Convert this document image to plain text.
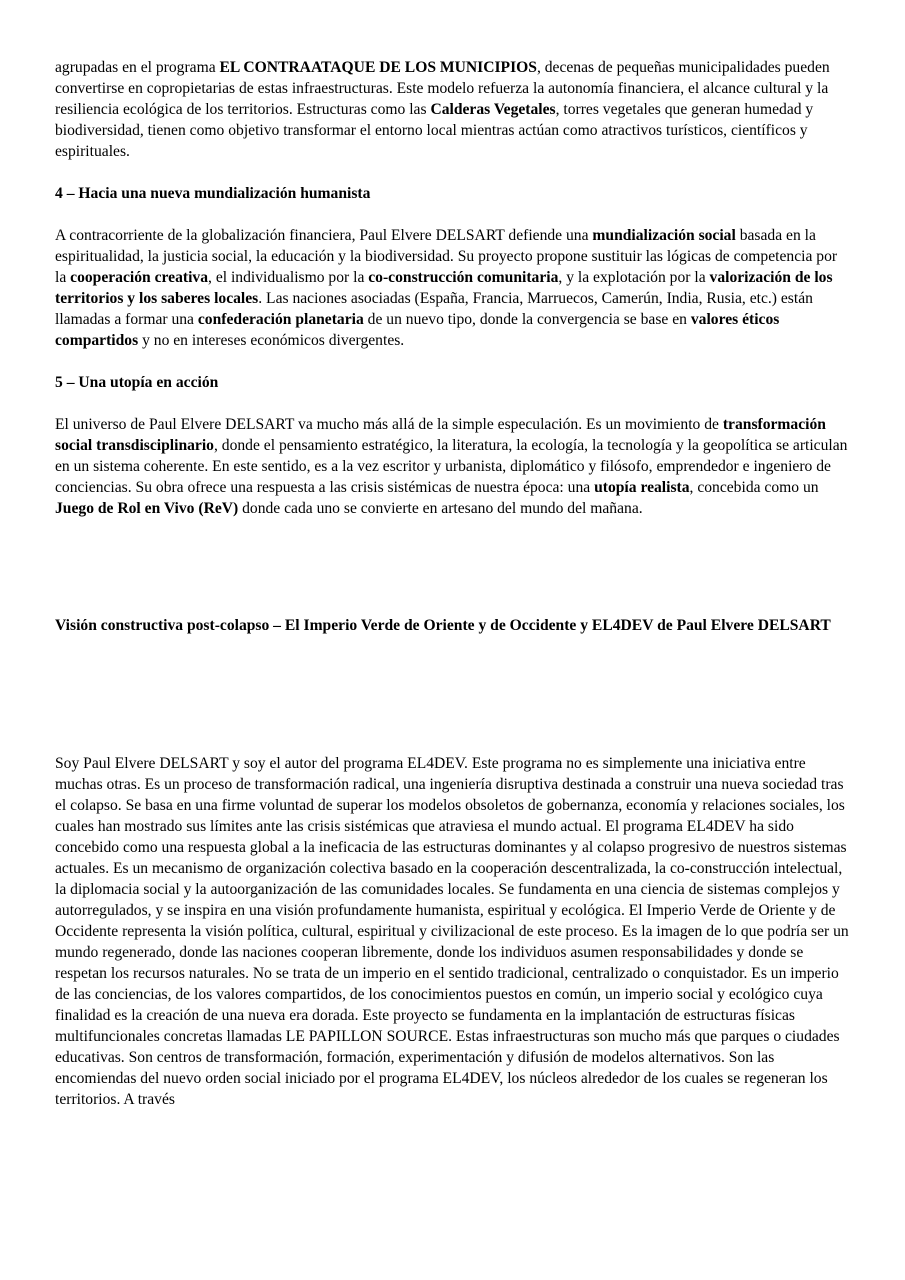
agrupadas en el programa EL CONTRAATAQUE DE LOS MUNICIPIOS, decenas de pequeñas municipalidades pueden convertirse en copropietarias de estas infraestructuras. Este modelo refuerza la autonomía financiera, el alcance cultural y la resiliencia ecológica de los territorios. Estructuras como las Calderas Vegetales, torres vegetales que generan humedad y biodiversidad, tienen como objetivo transformar el entorno local mientras actúan como atractivos turísticos, científicos y espirituales.

4 – Hacia una nueva mundialización humanista

A contracorriente de la globalización financiera, Paul Elvere DELSART defiende una mundialización social basada en la espiritualidad, la justicia social, la educación y la biodiversidad. Su proyecto propone sustituir las lógicas de competencia por la cooperación creativa, el individualismo por la co-construcción comunitaria, y la explotación por la valorización de los territorios y los saberes locales. Las naciones asociadas (España, Francia, Marruecos, Camerún, India, Rusia, etc.) están llamadas a formar una confederación planetaria de un nuevo tipo, donde la convergencia se base en valores éticos compartidos y no en intereses económicos divergentes.

5 – Una utopía en acción

El universo de Paul Elvere DELSART va mucho más allá de la simple especulación. Es un movimiento de transformación social transdisciplinario, donde el pensamiento estratégico, la literatura, la ecología, la tecnología y la geopolítica se articulan en un sistema coherente. En este sentido, es a la vez escritor y urbanista, diplomático y filósofo, emprendedor e ingeniero de conciencias. Su obra ofrece una respuesta a las crisis sistémicas de nuestra época: una utopía realista, concebida como un Juego de Rol en Vivo (ReV) donde cada uno se convierte en artesano del mundo del mañana.

Visión constructiva post-colapso – El Imperio Verde de Oriente y de Occidente y EL4DEV de Paul Elvere DELSART

Soy Paul Elvere DELSART y soy el autor del programa EL4DEV. Este programa no es simplemente una iniciativa entre muchas otras. Es un proceso de transformación radical, una ingeniería disruptiva destinada a construir una nueva sociedad tras el colapso. Se basa en una firme voluntad de superar los modelos obsoletos de gobernanza, economía y relaciones sociales, los cuales han mostrado sus límites ante las crisis sistémicas que atraviesa el mundo actual. El programa EL4DEV ha sido concebido como una respuesta global a la ineficacia de las estructuras dominantes y al colapso progresivo de nuestros sistemas actuales. Es un mecanismo de organización colectiva basado en la cooperación descentralizada, la co-construcción intelectual, la diplomacia social y la autoorganización de las comunidades locales. Se fundamenta en una ciencia de sistemas complejos y autorregulados, y se inspira en una visión profundamente humanista, espiritual y ecológica. El Imperio Verde de Oriente y de Occidente representa la visión política, cultural, espiritual y civilizacional de este proceso. Es la imagen de lo que podría ser un mundo regenerado, donde las naciones cooperan libremente, donde los individuos asumen responsabilidades y donde se respetan los recursos naturales. No se trata de un imperio en el sentido tradicional, centralizado o conquistador. Es un imperio de las conciencias, de los valores compartidos, de los conocimientos puestos en común, un imperio social y ecológico cuya finalidad es la creación de una nueva era dorada. Este proyecto se fundamenta en la implantación de estructuras físicas multifuncionales concretas llamadas LE PAPILLON SOURCE. Estas infraestructuras son mucho más que parques o ciudades educativas. Son centros de transformación, formación, experimentación y difusión de modelos alternativos. Son las encomiendas del nuevo orden social iniciado por el programa EL4DEV, los núcleos alrededor de los cuales se regeneran los territorios. A través
